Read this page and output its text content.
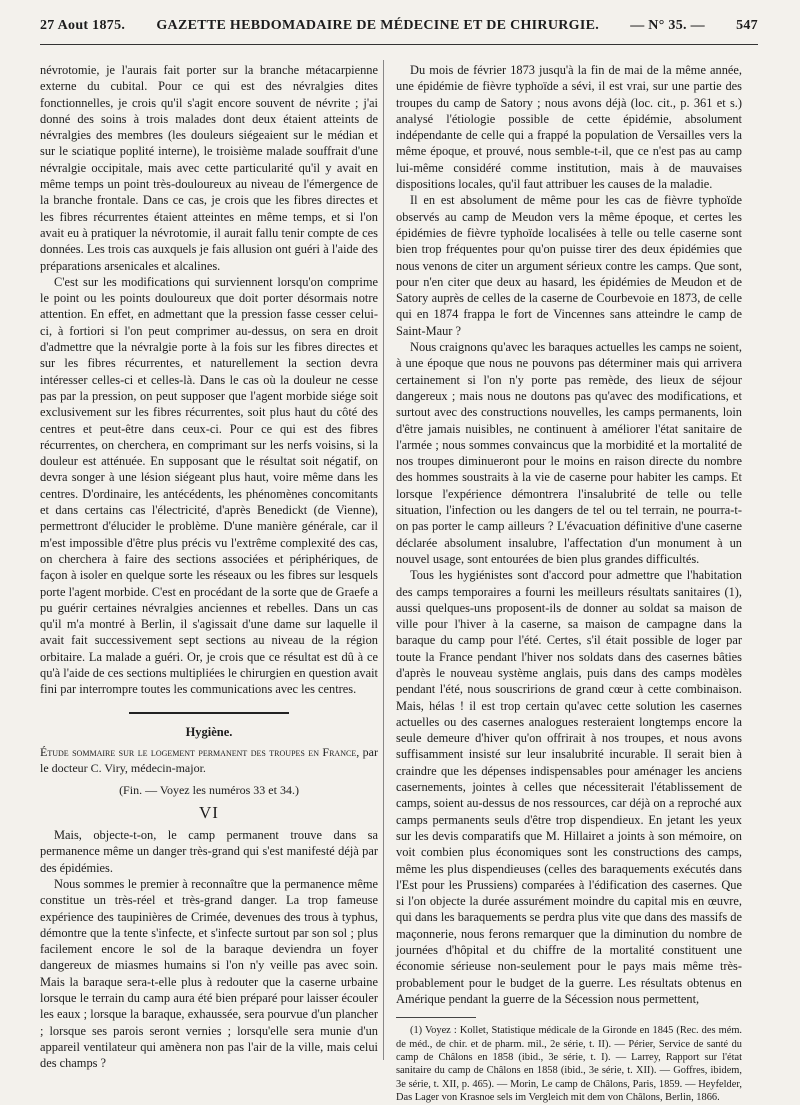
27 Aout 1875. GAZETTE HEBDOMADAIRE DE MÉDECINE ET DE CHIRURGIE. — N° 35. — 547

névrotomie, je l'aurais fait porter sur la branche métacarpienne externe du cubital. Pour ce qui est des névralgies dites fonctionnelles, je crois qu'il s'agit encore souvent de névrite ; j'ai donné des soins à trois malades dont deux étaient atteints de névralgies des membres (les douleurs siégeaient sur le médian et sur le sciatique poplité interne), le troisième malade souffrait d'une névralgie occipitale, mais avec cette particularité qu'il y avait en même temps un point très-douloureux au niveau de l'émergence de la branche frontale. Dans ce cas, je crois que les fibres directes et les fibres récurrentes étaient atteintes en même temps, et si l'on avait eu à pratiquer la névrotomie, il aurait fallu tenir compte de ces données. Les trois cas auxquels je fais allusion ont guéri à l'aide des préparations arsenicales et alcalines.

C'est sur les modifications qui surviennent lorsqu'on comprime le point ou les points douloureux que doit porter désormais notre attention. En effet, en admettant que la pression fasse cesser celui-ci, à fortiori si l'on peut comprimer au-dessus, on sera en droit d'admettre que la névralgie porte à la fois sur les fibres directes et sur les fibres récurrentes, et naturellement la section devra intéresser celles-ci et celles-là. Dans le cas où la douleur ne cesse pas par la pression, on peut supposer que l'agent morbide siége soit exclusivement sur les fibres récurrentes, soit plus haut du côté des centres et peut-être dans ceux-ci. Pour ce qui est des fibres récurrentes, on cherchera, en comprimant sur les nerfs voisins, si la douleur est atténuée. En supposant que le résultat soit négatif, on devra songer à une lésion siégeant plus haut, voire même dans les centres. D'ordinaire, les antécédents, les phénomènes concomitants et dans certains cas l'électricité, d'après Benedickt (de Vienne), permettront d'élucider le problème. D'une manière générale, car il m'est impossible d'être plus précis vu l'extrême complexité des cas, on cherchera à faire des sections associées et périphériques, de façon à isoler en quelque sorte les réseaux ou les fibres sur lesquels porte l'agent morbide. C'est en procédant de la sorte que de Graefe a pu guérir certaines névralgies anciennes et rebelles. Dans un cas qu'il m'a montré à Berlin, il s'agissait d'une dame sur laquelle il avait fait successivement sept sections au niveau de la région orbitaire. La malade a guéri. Or, je crois que ce résultat est dû à ce qu'à l'aide de ces sections multipliées le chirurgien en question avait fini par interrompre toutes les communications avec les centres.

Hygiène.

Étude sommaire sur le logement permanent des troupes en France, par le docteur C. Viry, médecin-major.

(Fin. — Voyez les numéros 33 et 34.)
VI

Mais, objecte-t-on, le camp permanent trouve dans sa permanence même un danger très-grand qui s'est manifesté déjà par des épidémies.

Nous sommes le premier à reconnaître que la permanence même constitue un très-réel et très-grand danger. La trop fameuse expérience des taupinières de Crimée, devenues des trous à typhus, démontre que la tente s'infecte, et s'infecte surtout par son sol ; plus facilement encore le sol de la baraque deviendra un foyer dangereux de miasmes humains si l'on n'y veille pas avec soin. Mais la baraque sera-t-elle plus à redouter que la caserne urbaine lorsque le terrain du camp aura été bien préparé pour laisser écouler les eaux ; lorsque la baraque, exhaussée, sera pourvue d'un plancher ; lorsque ses parois seront vernies ; lorsqu'elle sera munie d'un appareil ventilateur qui amènera non pas l'air de la ville, mais celui des champs ?

Du mois de février 1873 jusqu'à la fin de mai de la même année, une épidémie de fièvre typhoïde a sévi, il est vrai, sur une partie des troupes du camp de Satory ; nous avons déjà (loc. cit., p. 361 et s.) analysé l'étiologie possible de cette épidémie, absolument indépendante de celle qui a frappé la population de Versailles vers la même époque, et prouvé, nous semble-t-il, que ce n'est pas au camp lui-même considéré comme institution, mais à de mauvaises dispositions locales, qu'il faut attribuer les causes de la maladie.

Il en est absolument de même pour les cas de fièvre typhoïde observés au camp de Meudon vers la même époque, et certes les épidémies de fièvre typhoïde localisées à telle ou telle caserne sont bien trop fréquentes pour qu'on puisse tirer des deux épidémies que nous venons de citer un argument sérieux contre les camps. Que sont, pour n'en citer que deux au hasard, les épidémies de Meudon et de Satory auprès de celles de la caserne de Courbevoie en 1873, de celle qui en 1874 frappa le fort de Vincennes sans atteindre le camp de Saint-Maur ?

Nous craignons qu'avec les baraques actuelles les camps ne soient, à une époque que nous ne pouvons pas déterminer mais qui arrivera certainement si l'on n'y porte pas remède, des lieux de séjour dangereux ; mais nous ne doutons pas qu'avec des modifications, et surtout avec des constructions nouvelles, les camps permanents, loin d'être jamais nuisibles, ne continuent à améliorer l'état sanitaire de l'armée ; nous sommes convaincus que la morbidité et la mortalité de nos troupes diminueront pour le moins en raison directe du nombre des hommes soustraits à la vie de caserne pour habiter les camps. Et lorsque l'expérience démontrera l'insalubrité de telle ou telle situation, l'infection ou les dangers de tel ou tel terrain, ne pourra-t-on pas porter le camp ailleurs ? L'évacuation définitive d'une caserne déclarée absolument insalubre, l'affectation d'un monument à un nouvel usage, sont entourées de bien plus grandes difficultés.

Tous les hygiénistes sont d'accord pour admettre que l'habitation des camps temporaires a fourni les meilleurs résultats sanitaires (1), aussi quelques-uns proposent-ils de donner au soldat sa maison de ville pour l'hiver à la caserne, sa maison de campagne dans la baraque du camp pour l'été. Certes, s'il était possible de loger par toute la France pendant l'hiver nos soldats dans des casernes bâties d'après le nouveau système anglais, puis dans des camps modèles pendant l'été, nous souscririons de grand cœur à cette combinaison. Mais, hélas ! il est trop certain qu'avec cette solution les casernes actuelles ou des casernes analogues resteraient longtemps encore la seule demeure d'hiver qu'on offrirait à nos troupes, et nous avons suffisamment insisté sur leur insalubrité incurable. Il serait bien à craindre que les dépenses indispensables pour aménager les anciens casernements, jointes à celles que nécessiterait l'établissement de camps, soient au-dessus de nos ressources, car déjà on a reproché aux camps permanents seuls d'être trop dispendieux. En jetant les yeux sur les devis comparatifs que M. Hillairet a joints à son mémoire, on voit combien plus économiques sont les constructions des camps, même les plus dispendieuses (celles des baraquements exécutés dans l'Est pour les Prussiens) comparées à l'édification des casernes. Que si l'on objecte la durée assurément moindre du capital mis en œuvre, qui dans les baraquements se perdra plus vite que dans des massifs de maçonnerie, nous ferons remarquer que la diminution du nombre de journées d'hôpital et du chiffre de la mortalité constituent une économie sérieuse non-seulement pour le pays mais même très-probablement pour le budget de la guerre. Les résultats obtenus en Amérique pendant la guerre de la Sécession nous permettent,

(1) Voyez : Kollet, Statistique médicale de la Gironde en 1845 (Rec. des mém. de méd., de chir. et de pharm. mil., 2e série, t. II). — Périer, Service de santé du camp de Châlons en 1858 (ibid., 3e série, t. I). — Larrey, Rapport sur l'état sanitaire du camp de Châlons en 1858 (ibid., 3e série, t. XII). — Goffres, ibidem, 3e série, t. XII, p. 465). — Morin, Le camp de Châlons, Paris, 1859. — Heyfelder, Das Lager von Krasnoe sels im Vergleich mit dem von Châlons, Berlin, 1866.
